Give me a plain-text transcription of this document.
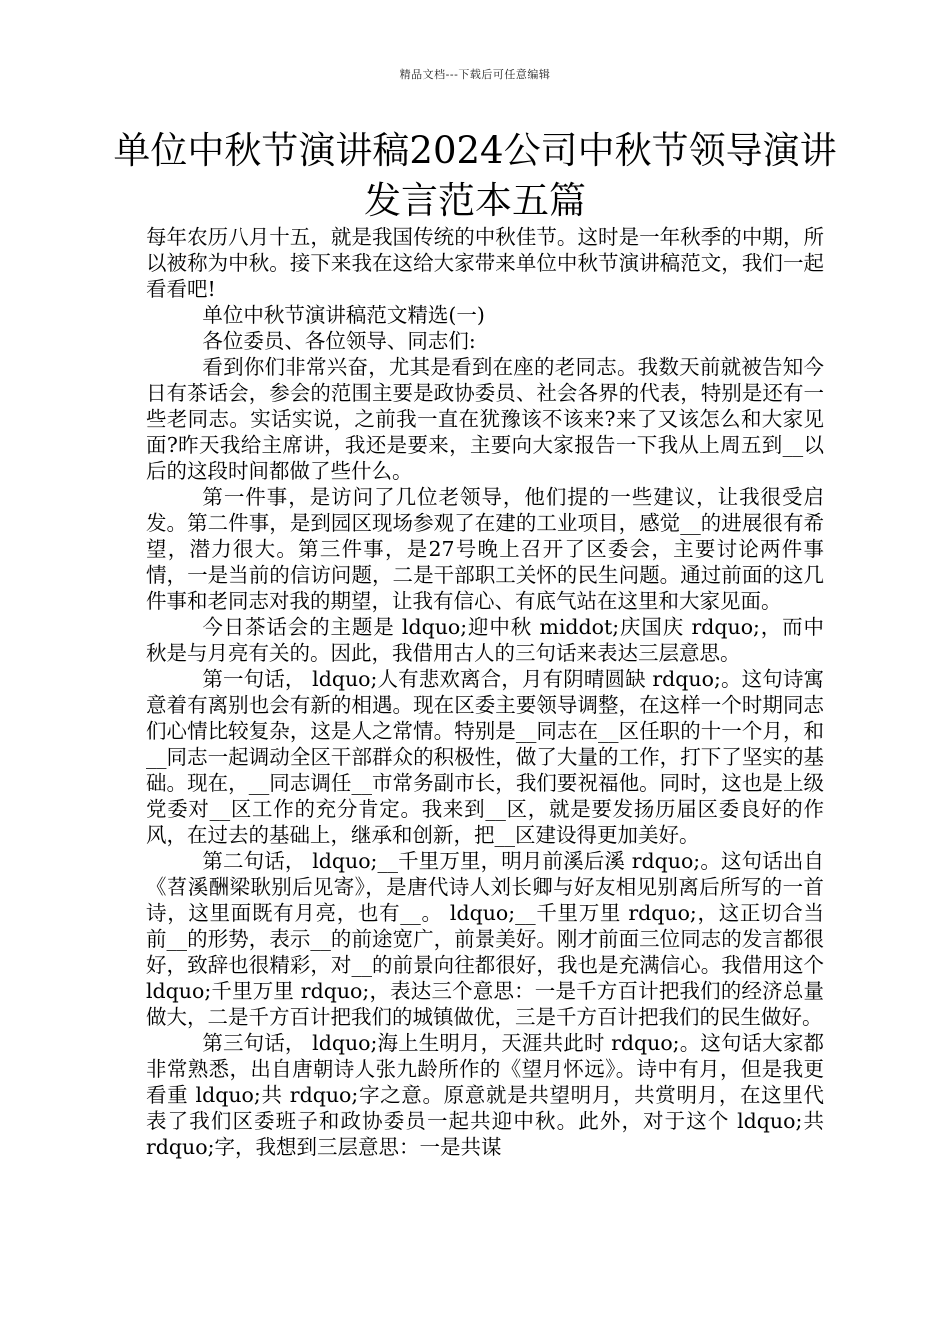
精品文档---下载后可任意编辑
单位中秋节演讲稿2024公司中秋节领导演讲发言范本五篇

每年农历八月十五，就是我国传统的中秋佳节。这时是一年秋季的中期，所以被称为中秋。接下来我在这给大家带来单位中秋节演讲稿范文，我们一起看看吧!

单位中秋节演讲稿范文精选(一)

各位委员、各位领导、同志们:

看到你们非常兴奋，尤其是看到在座的老同志。我数天前就被告知今日有茶话会，参会的范围主要是政协委员、社会各界的代表，特别是还有一些老同志。实话实说，之前我一直在犹豫该不该来?来了又该怎么和大家见面?昨天我给主席讲，我还是要来，主要向大家报告一下我从上周五到__以后的这段时间都做了些什么。

第一件事，是访问了几位老领导，他们提的一些建议，让我很受启发。第二件事，是到园区现场参观了在建的工业项目，感觉__的进展很有希望，潜力很大。第三件事，是27号晚上召开了区委会，主要讨论两件事情，一是当前的信访问题，二是干部职工关怀的民生问题。通过前面的这几件事和老同志对我的期望，让我有信心、有底气站在这里和大家见面。

今日茶话会的主题是 ldquo;迎中秋 middot;庆国庆 rdquo;，而中秋是与月亮有关的。因此，我借用古人的三句话来表达三层意思。

第一句话， ldquo;人有悲欢离合，月有阴晴圆缺 rdquo;。这句诗寓意着有离别也会有新的相遇。现在区委主要领导调整，在这样一个时期同志们心情比较复杂，这是人之常情。特别是__同志在__区任职的十一个月，和__同志一起调动全区干部群众的积极性，做了大量的工作，打下了坚实的基础。现在，__同志调任__市常务副市长，我们要祝福他。同时，这也是上级党委对__区工作的充分肯定。我来到__区，就是要发扬历届区委良好的作风，在过去的基础上，继承和创新，把__区建设得更加美好。

第二句话， ldquo;__千里万里，明月前溪后溪 rdquo;。这句话出自《苕溪酬梁耿别后见寄》，是唐代诗人刘长卿与好友相见别离后所写的一首诗，这里面既有月亮，也有__。 ldquo;__千里万里 rdquo;，这正切合当前__的形势，表示__的前途宽广，前景美好。刚才前面三位同志的发言都很好，致辞也很精彩，对__的前景向往都很好，我也是充满信心。我借用这个 ldquo;千里万里 rdquo;，表达三个意思：一是千方百计把我们的经济总量做大，二是千方百计把我们的城镇做优，三是千方百计把我们的民生做好。

第三句话， ldquo;海上生明月，天涯共此时 rdquo;。这句话大家都非常熟悉，出自唐朝诗人张九龄所作的《望月怀远》。诗中有月，但是我更看重 ldquo;共 rdquo;字之意。原意就是共望明月，共赏明月，在这里代表了我们区委班子和政协委员一起共迎中秋。此外，对于这个 ldquo;共 rdquo;字，我想到三层意思：一是共谋
